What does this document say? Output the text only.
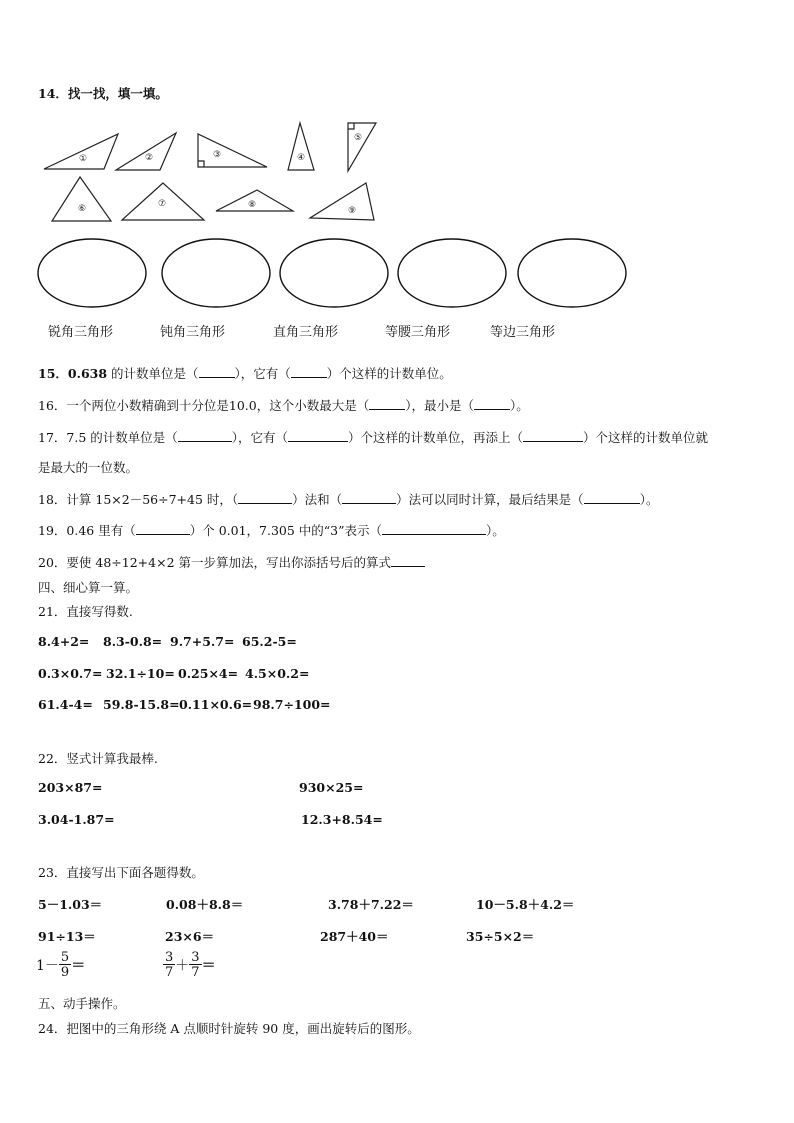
14．找一找，填一填。
①	②	③	④
⑤
⑥	⑦	⑧
⑨
锐角三角形	钝角三角形	直角三角形	等腰三角形	等边三角形
15．0.638 的计数单位是（	），它有（	）个这样的计数单位。
16．一个两位小数精确到十分位是10.0，这个小数最大是（	），最小是（	）。
17．7.5 的计数单位是（	），它有（	）个这样的计数单位，再添上（	）个这样的计数单位就
是最大的一位数。
18．计算 15×2－56÷7+45 时，（	）法和（	）法可以同时计算，最后结果是（	）。
19．0.46 里有（	）个 0.01，7.305 中的“3”表示（	）。
20．要使 48÷12+4×2 第一步算加法，写出你添括号后的算式
四、细心算一算。
21．直接写得数.
8.4+2= 8.3-0.8= 9.7+5.7= 65.2-5=
0.3×0.7= 32.1÷10= 0.25×4= 4.5×0.2=
61.4-4= 59.8-15.8= 0.11×0.6= 98.7÷100=
22．竖式计算我最棒.
203×87=	930×25=
3.04-1.87=	12.3+8.54=
23．直接写出下面各题得数。
5－1.03＝	0.08＋8.8＝	3.78＋7.22＝	10－5.8＋4.2＝
91÷13＝	23×6＝	287＋40＝	35÷5×2＝
$1- \frac{5}{9}$ ＝	$\frac{3}{7} + \frac{3}{7}$ ＝
五、动手操作。
24．把图中的三角形绕 A 点顺时针旋转 90 度，画出旋转后的图形。
